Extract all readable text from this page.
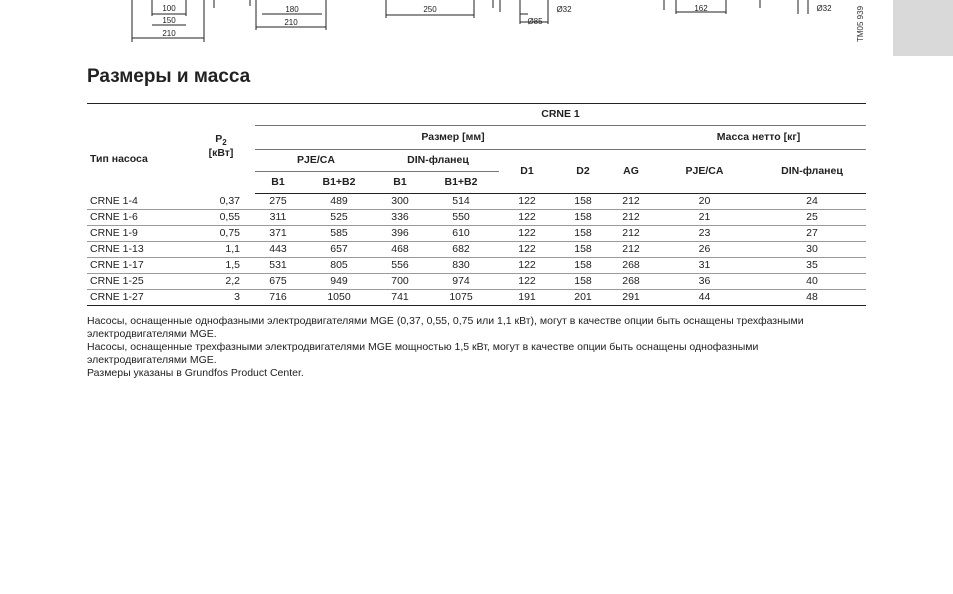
100
150
210
180
210
250	Ø32
Ø85
162	Ø32	TM05 939
Размеры и масса
		CRNE 1								
Тип насоса	$P_2$
[кВт]	Размер [мм]							Масса нетто [кг]	
		PJE/CA		DIN-фланец		D1	D2	AG	PJE/CA	DIN-фланец
		B1	B1+B2	B1	B1+B2					
CRNE 1-4	0,37	275	489	300	514	122	158	212	20	24
CRNE 1-6	0,55	311	525	336	550	122	158	212	21	25
CRNE 1-9	0,75	371	585	396	610	122	158	212	23	27
CRNE 1-13	1,1	443	657	468	682	122	158	212	26	30
CRNE 1-17	1,5	531	805	556	830	122	158	268	31	35
CRNE 1-25	2,2	675	949	700	974	122	158	268	36	40
CRNE 1-27	3	716	1050	741	1075	191	201	291	44	48

Насосы, оснащенные однофазными электродвигателями MGE (0,37, 0,55, 0,75 или 1,1 кВт), могут в качестве опции быть оснащены трехфазными электродвигателями MGE.

Насосы, оснащенные трехфазными электродвигателями MGE мощностью 1,5 кВт, могут в качестве опции быть оснащены однофазными электродвигателями MGE.

Размеры указаны в Grundfos Product Center.
